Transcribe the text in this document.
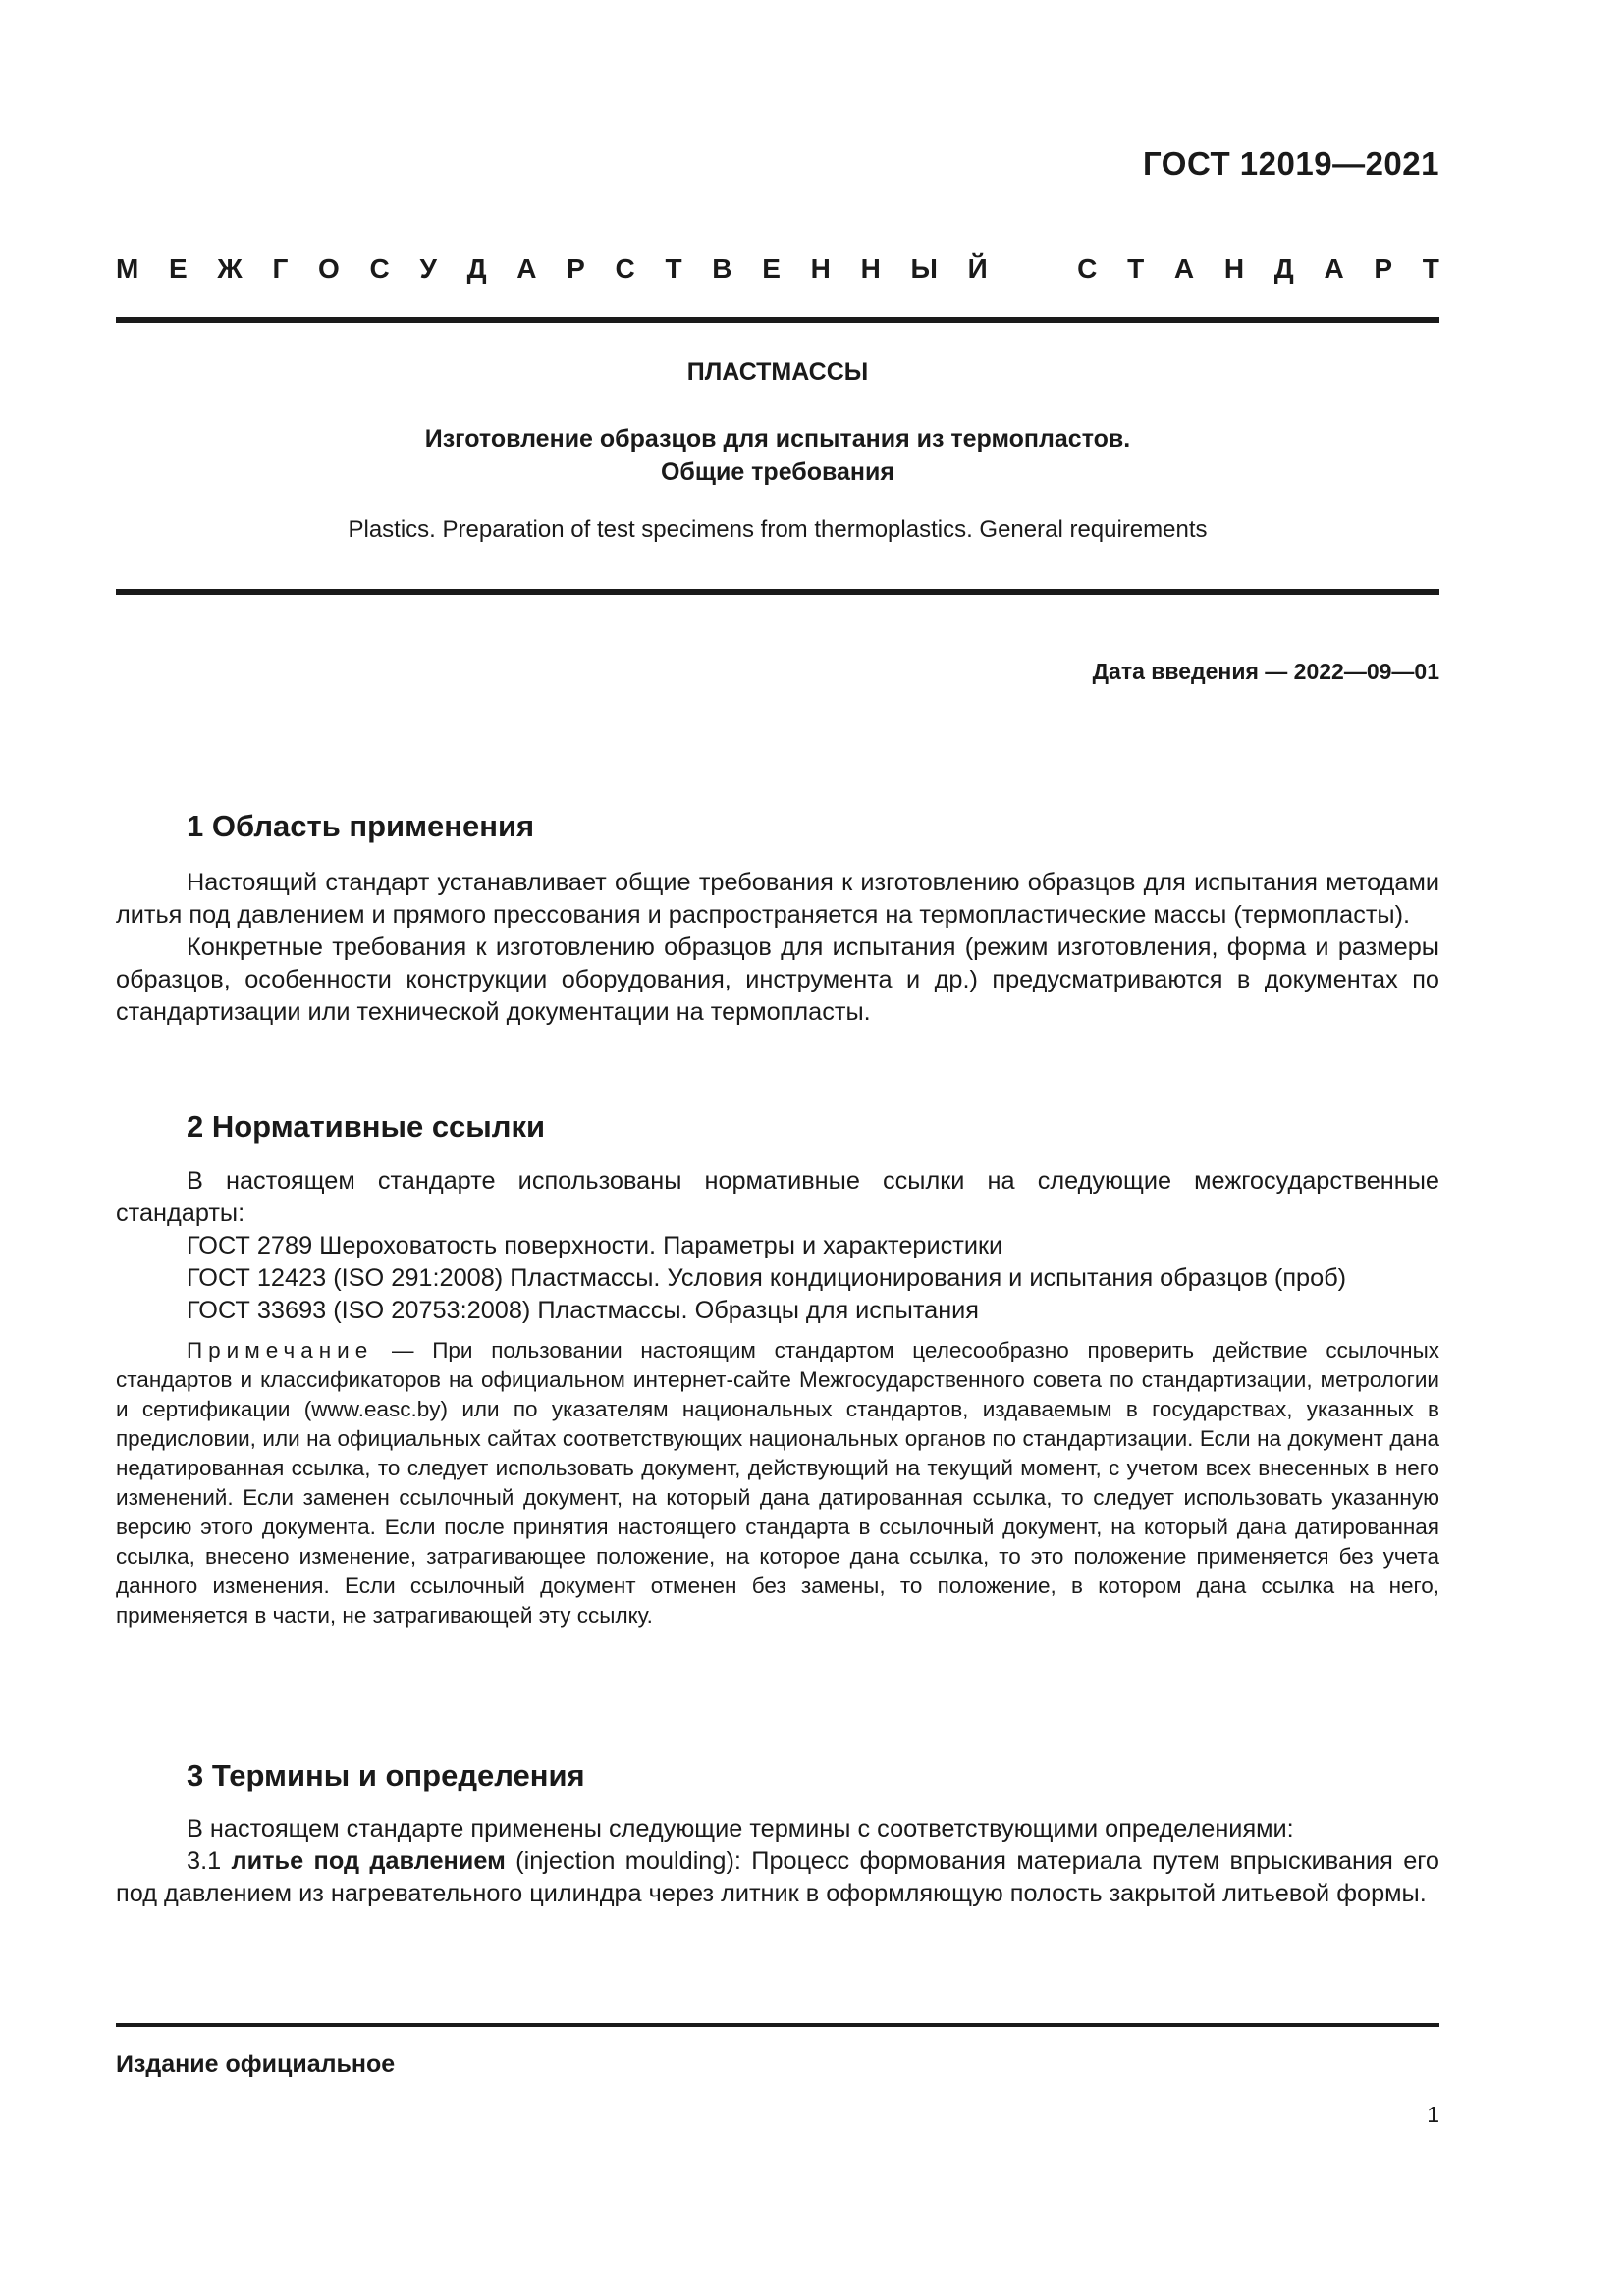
ГОСТ 12019—2021
М Е Ж Г О С У Д А Р С Т В Е Н Н Ы Й	С Т А Н Д А Р Т
ПЛАСТМАССЫ
Изготовление образцов для испытания из термопластов.
Общие требования
Plastics. Preparation of test specimens from thermoplastics. General requirements
Дата введения — 2022—09—01
1 Область применения

Настоящий стандарт устанавливает общие требования к изготовлению образцов для испытания методами литья под давлением и прямого прессования и распространяется на термопластические массы (термопласты).

Конкретные требования к изготовлению образцов для испытания (режим изготовления, форма и размеры образцов, особенности конструкции оборудования, инструмента и др.) предусматриваются в документах по стандартизации или технической документации на термопласты.

2 Нормативные ссылки

В настоящем стандарте использованы нормативные ссылки на следующие межгосударственные стандарты:

ГОСТ 2789 Шероховатость поверхности. Параметры и характеристики

ГОСТ 12423 (ISO 291:2008) Пластмассы. Условия кондиционирования и испытания образцов (проб)

ГОСТ 33693 (ISO 20753:2008) Пластмассы. Образцы для испытания

Примечание — При пользовании настоящим стандартом целесообразно проверить действие ссылочных стандартов и классификаторов на официальном интернет-сайте Межгосударственного совета по стандартизации, метрологии и сертификации (www.easc.by) или по указателям национальных стандартов, издаваемым в государствах, указанных в предисловии, или на официальных сайтах соответствующих национальных органов по стандартизации. Если на документ дана недатированная ссылка, то следует использовать документ, действующий на текущий момент, с учетом всех внесенных в него изменений. Если заменен ссылочный документ, на который дана датированная ссылка, то следует использовать указанную версию этого документа. Если после принятия настоящего стандарта в ссылочный документ, на который дана датированная ссылка, внесено изменение, затрагивающее положение, на которое дана ссылка, то это положение применяется без учета данного изменения. Если ссылочный документ отменен без замены, то положение, в котором дана ссылка на него, применяется в части, не затрагивающей эту ссылку.

3 Термины и определения

В настоящем стандарте применены следующие термины с соответствующими определениями:

3.1 литье под давлением (injection moulding): Процесс формования материала путем впрыскивания его под давлением из нагревательного цилиндра через литник в оформляющую полость закрытой литьевой формы.

Издание официальное
1
